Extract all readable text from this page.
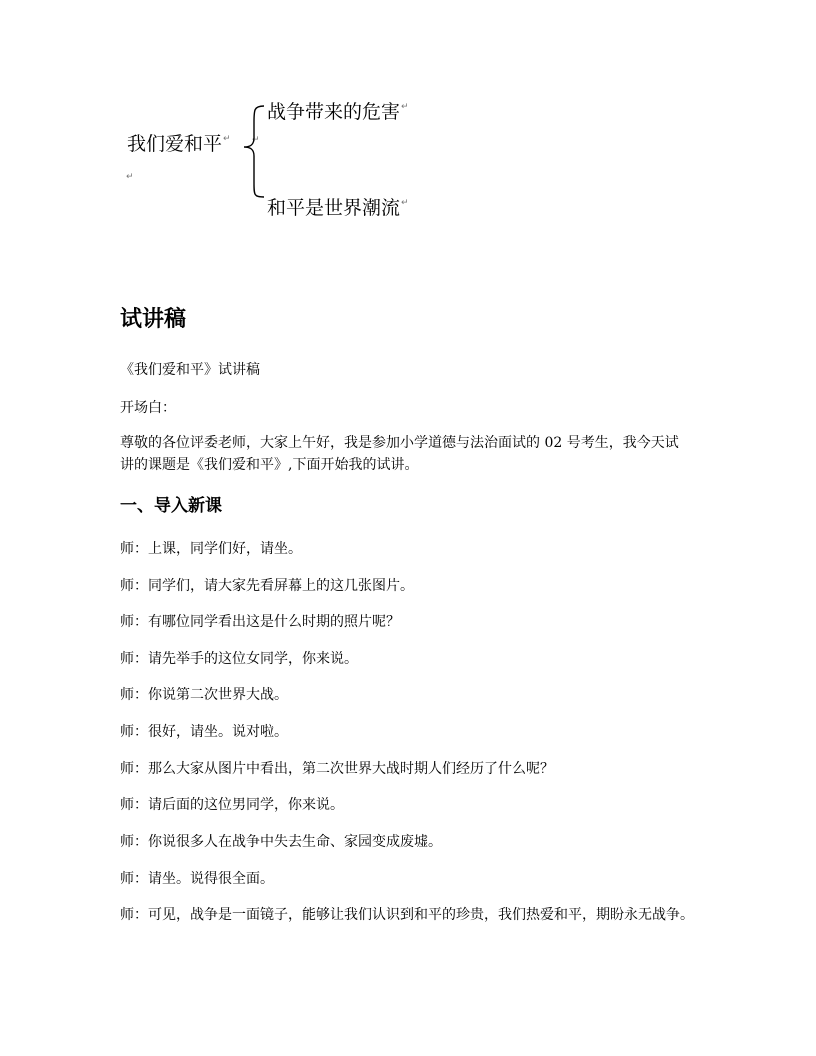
我们爱和平↵
↵
↵
战争带来的危害↵
和平是世界潮流↵
试讲稿

《我们爱和平》试讲稿

开场白：

尊敬的各位评委老师，大家上午好，我是参加小学道德与法治面试的 02 号考生，我今天试讲的课题是《我们爱和平》,下面开始我的试讲。

一、导入新课

师：上课，同学们好，请坐。

师：同学们，请大家先看屏幕上的这几张图片。

师：有哪位同学看出这是什么时期的照片呢？

师：请先举手的这位女同学，你来说。

师：你说第二次世界大战。

师：很好，请坐。说对啦。

师：那么大家从图片中看出，第二次世界大战时期人们经历了什么呢？

师：请后面的这位男同学，你来说。

师：你说很多人在战争中失去生命、家园变成废墟。

师：请坐。说得很全面。

师：可见，战争是一面镜子，能够让我们认识到和平的珍贵，我们热爱和平，期盼永无战争。
